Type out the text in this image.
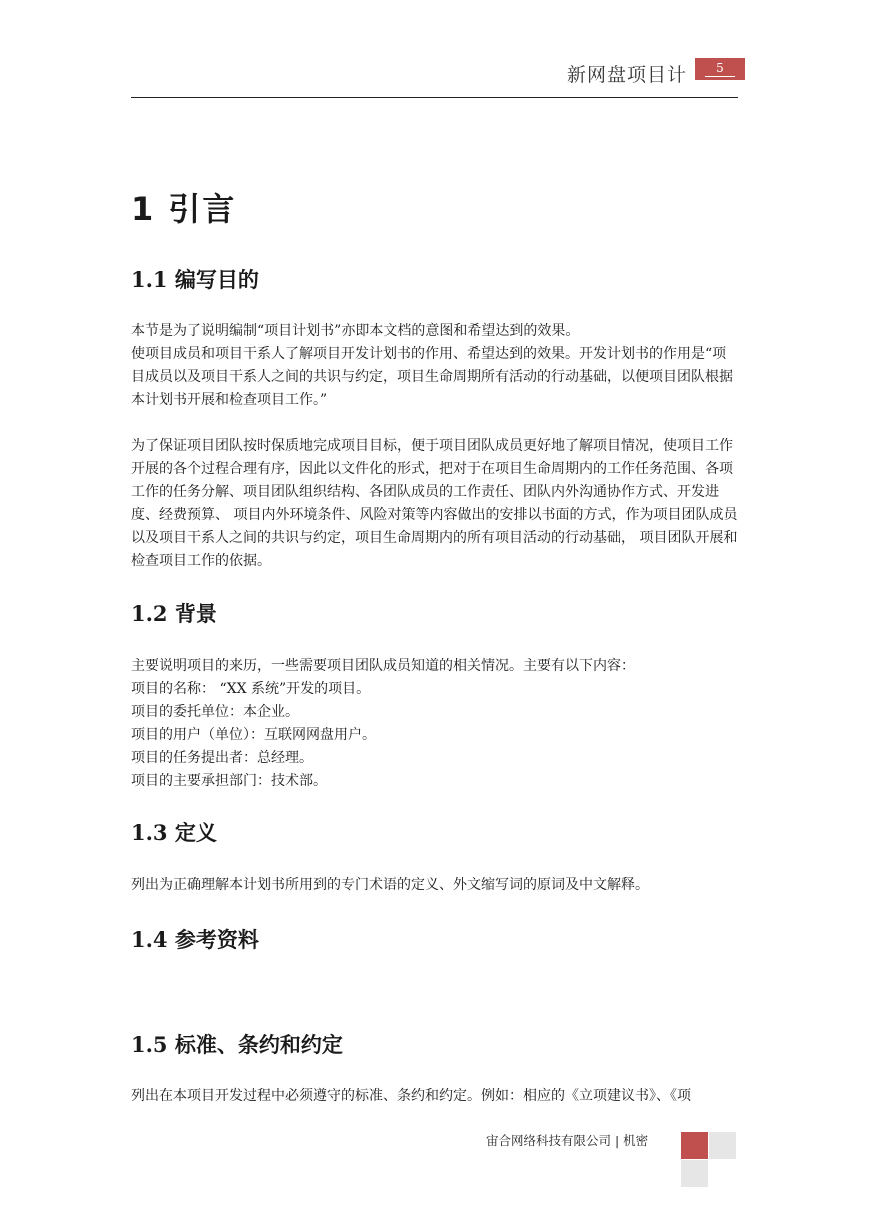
新网盘项目计	5
1 引言
1.1 编写目的

本节是为了说明编制“项目计划书”亦即本文档的意图和希望达到的效果。

使项目成员和项目干系人了解项目开发计划书的作用、希望达到的效果。开发计划书的作用是“项目成员以及项目干系人之间的共识与约定，项目生命周期所有活动的行动基础，以便项目团队根据本计划书开展和检查项目工作。”

为了保证项目团队按时保质地完成项目目标，便于项目团队成员更好地了解项目情况，使项目工作开展的各个过程合理有序，因此以文件化的形式，把对于在项目生命周期内的工作任务范围、各项工作的任务分解、项目团队组织结构、各团队成员的工作责任、团队内外沟通协作方式、开发进度、经费预算、 项目内外环境条件、风险对策等内容做出的安排以书面的方式，作为项目团队成员以及项目干系人之间的共识与约定，项目生命周期内的所有项目活动的行动基础， 项目团队开展和检查项目工作的依据。

1.2 背景

主要说明项目的来历，一些需要项目团队成员知道的相关情况。主要有以下内容：

项目的名称： “XX 系统”开发的项目。

项目的委托单位：本企业。

项目的用户（单位）：互联网网盘用户。

项目的任务提出者：总经理。

项目的主要承担部门：技术部。

1.3 定义

列出为正确理解本计划书所用到的专门术语的定义、外文缩写词的原词及中文解释。

1.4 参考资料
1.5 标准、条约和约定

列出在本项目开发过程中必须遵守的标准、条约和约定。例如：相应的《立项建议书》、《项

宙合网络科技有限公司 | 机密
